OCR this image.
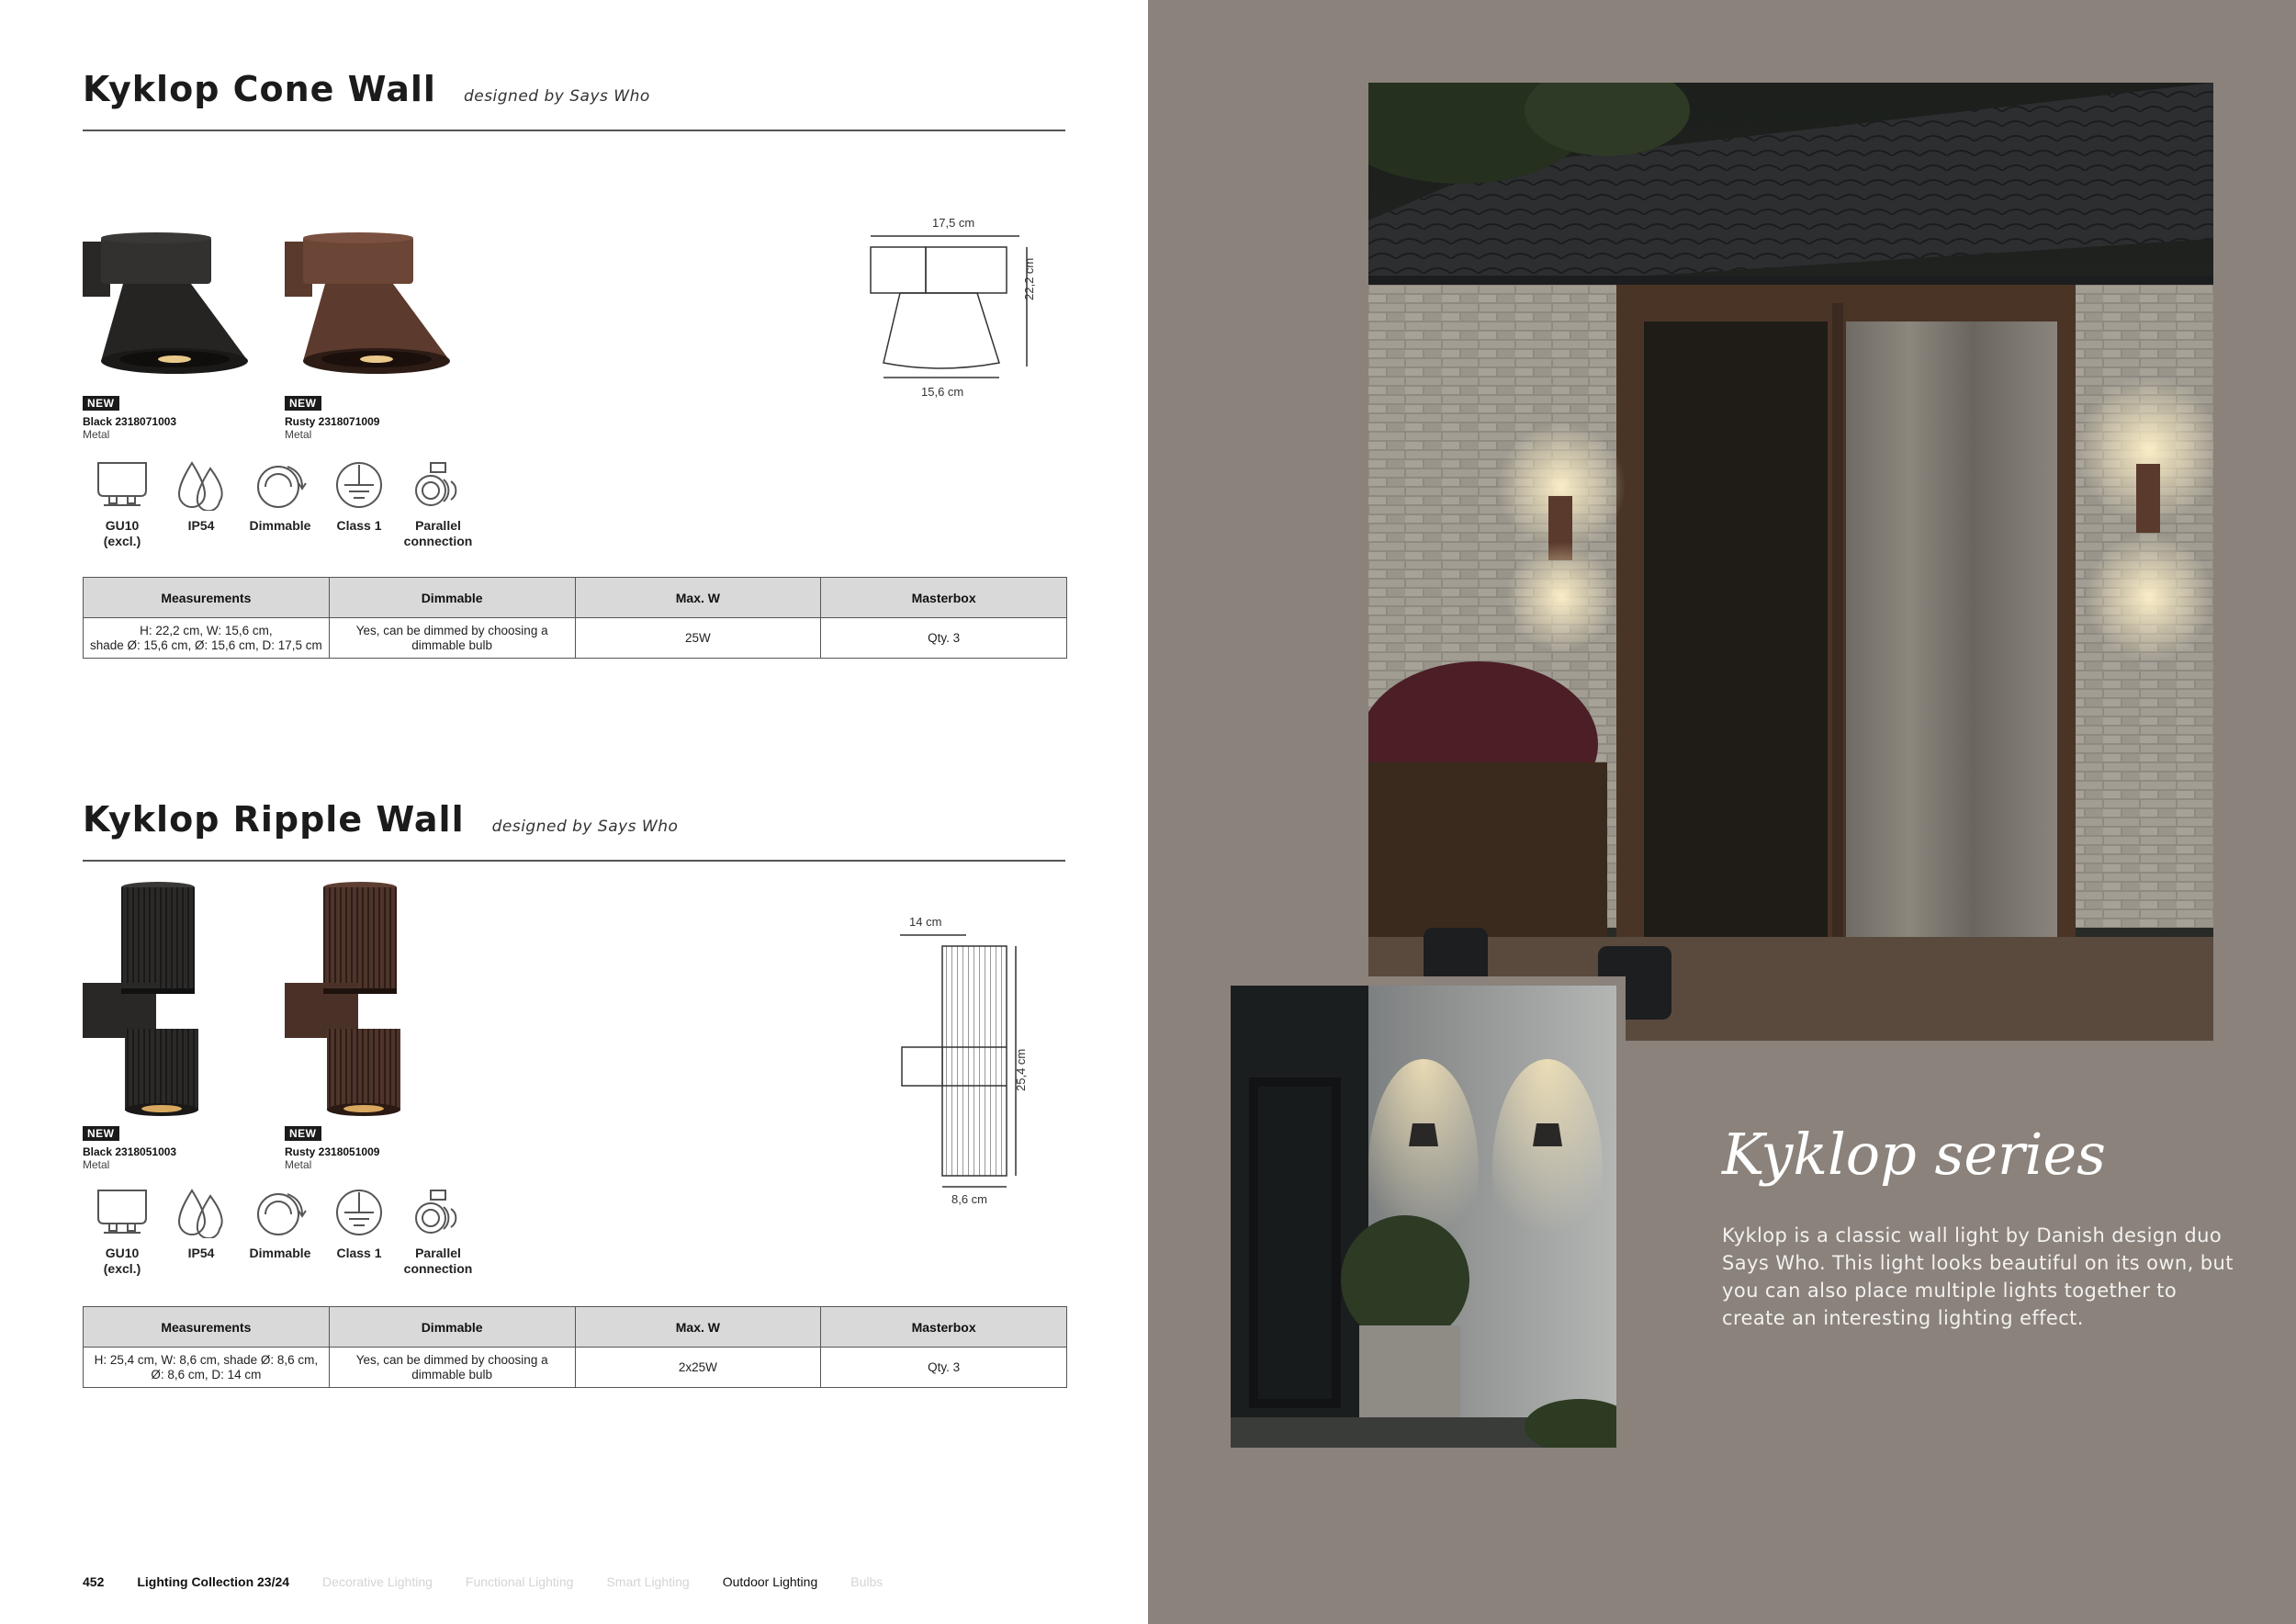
Kyklop Cone Wall designed by Says Who
NEW
Black 2318071003
Metal
NEW
Rusty 2318071009
Metal
GU10
(excl.)
IP54	Dimmable	Class 1	Parallel
connection
17,5 cm
22,2 cm
15,6 cm
Measurements	Dimmable	Max. W	Masterbox
H: 22,2 cm, W: 15,6 cm,
shade Ø: 15,6 cm, Ø: 15,6 cm, D: 17,5 cm	Yes, can be dimmed by choosing a
dimmable bulb	25W	Qty. 3
Kyklop Ripple Wall designed by Says Who
NEW
Black 2318051003
Metal
NEW
Rusty 2318051009
Metal
GU10
(excl.)
IP54	Dimmable	Class 1	Parallel
connection
14 cm
25,4 cm
8,6 cm
Measurements	Dimmable	Max. W	Masterbox
H: 25,4 cm, W: 8,6 cm, shade Ø: 8,6 cm,
Ø: 8,6 cm, D: 14 cm	Yes, can be dimmed by choosing a
dimmable bulb	2x25W	Qty. 3
452	Lighting Collection 23/24	Decorative Lighting	Functional Lighting	Smart Lighting	Outdoor Lighting	Bulbs
Kyklop series
Kyklop is a classic wall light by Danish design duo Says Who. This light looks beautiful on its own, but you can also place multiple lights together to create an interesting lighting effect.
